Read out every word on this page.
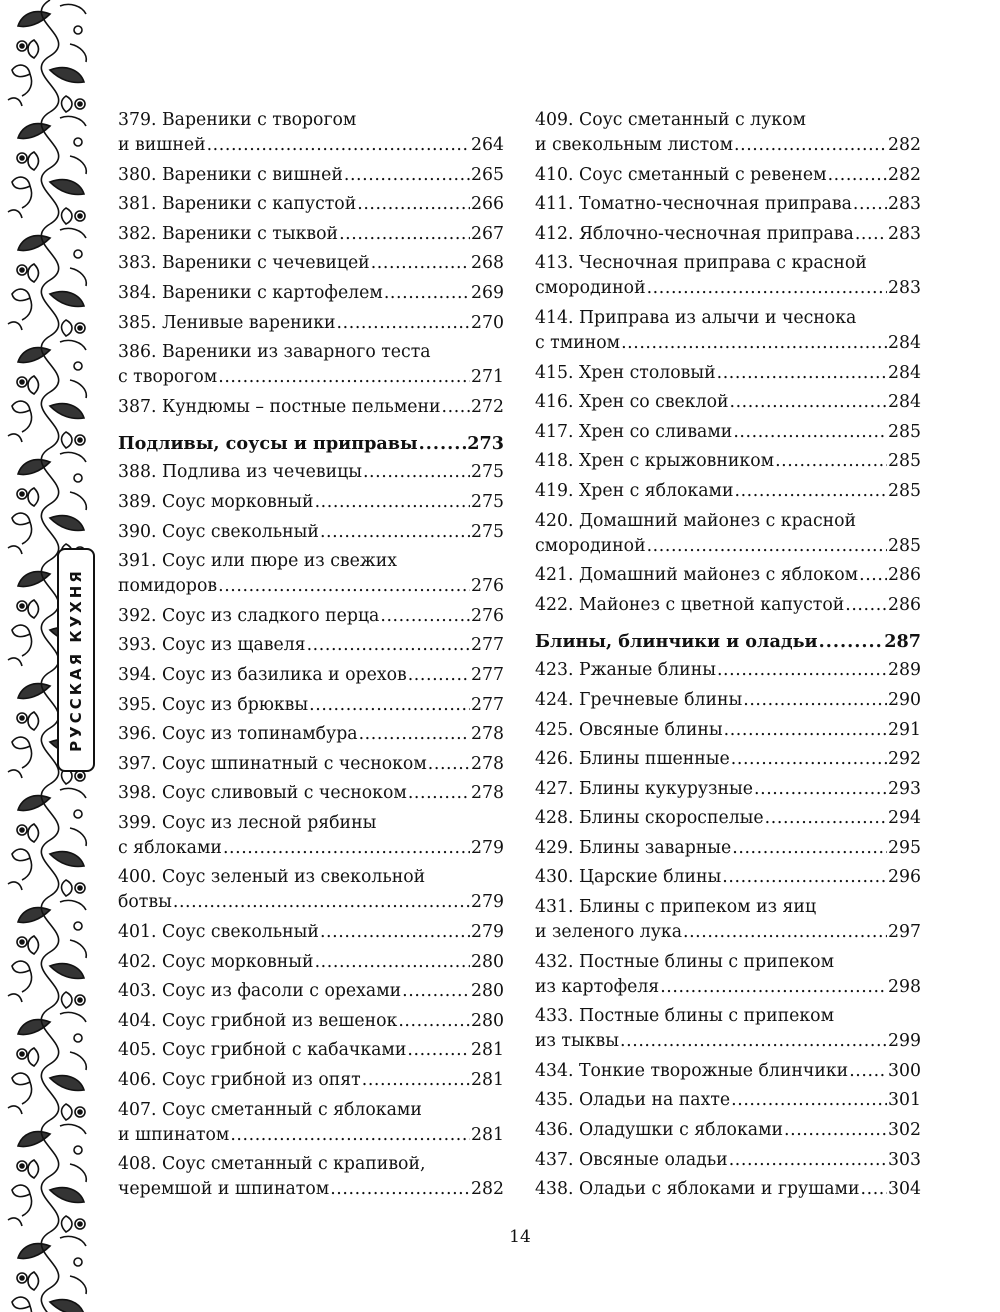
РУССКАЯ КУХНЯ
379. Вареники с творогом
и вишней .....	264
380. Вареники с вишней .....	265
381. Вареники с капустой .....	266
382. Вареники с тыквой .....	267
383. Вареники с чечевицей .....	268
384. Вареники с картофелем .....	269
385. Ленивые вареники .....	270
386. Вареники из заварного теста
с творогом .....	271
387. Кундюмы – постные пельмени ..... 272
Подливы, соусы и приправы .....	273
388. Подлива из чечевицы .....	275
389. Соус морковный .....	275
390. Соус свекольный .....	275
391. Соус или пюре из свежих
помидоров .....	276
392. Соус из сладкого перца .....	276
393. Соус из щавеля .....	277
394. Соус из базилика и орехов .....	277
395. Соус из брюквы .....	277
396. Соус из топинамбура .....	278
397. Соус шпинатный с чесноком .....	278
398. Соус сливовый с чесноком .....	278
399. Соус из лесной рябины
с яблоками .....	279
400. Соус зеленый из свекольной
ботвы .....	279
401. Соус свекольный .....	279
402. Соус морковный .....	280
403. Соус из фасоли с орехами .....	280
404. Соус грибной из вешенок .....	280
405. Соус грибной с кабачками .....	281
406. Соус грибной из опят .....	281
407. Соус сметанный с яблоками
и шпинатом .....	281
408. Соус сметанный с крапивой,
черемшой и шпинатом .....	282
409. Соус сметанный с луком
и свекольным листом .....	282
410. Соус сметанный с ревенем .....	282
411. Томатно-чесночная приправа ..... 283
412. Яблочно-чесночная приправа ..... 283
413. Чесночная приправа с красной
смородиной .....	283
414. Приправа из алычи и чеснока
с тмином .....	284
415. Хрен столовый .....	284
416. Хрен со свеклой .....	284
417. Хрен со сливами .....	285
418. Хрен с крыжовником .....	285
419. Хрен с яблоками .....	285
420. Домашний майонез с красной
смородиной .....	285
421. Домашний майонез с яблоком ..... 286
422. Майонез с цветной капустой .....	286
Блины, блинчики и оладьи .....	287
423. Ржаные блины .....	289
424. Гречневые блины .....	290
425. Овсяные блины .....	291
426. Блины пшенные .....	292
427. Блины кукурузные .....	293
428. Блины скороспелые .....	294
429. Блины заварные .....	295
430. Царские блины .....	296
431. Блины с припеком из яиц
и зеленого лука .....	297
432. Постные блины с припеком
из картофеля .....	298
433. Постные блины с припеком
из тыквы .....	299
434. Тонкие творожные блинчики ..... 300
435. Оладьи на пахте .....	301
436. Оладушки с яблоками .....	302
437. Овсяные оладьи .....	303
438. Оладьи с яблоками и грушами ..... 304
14
